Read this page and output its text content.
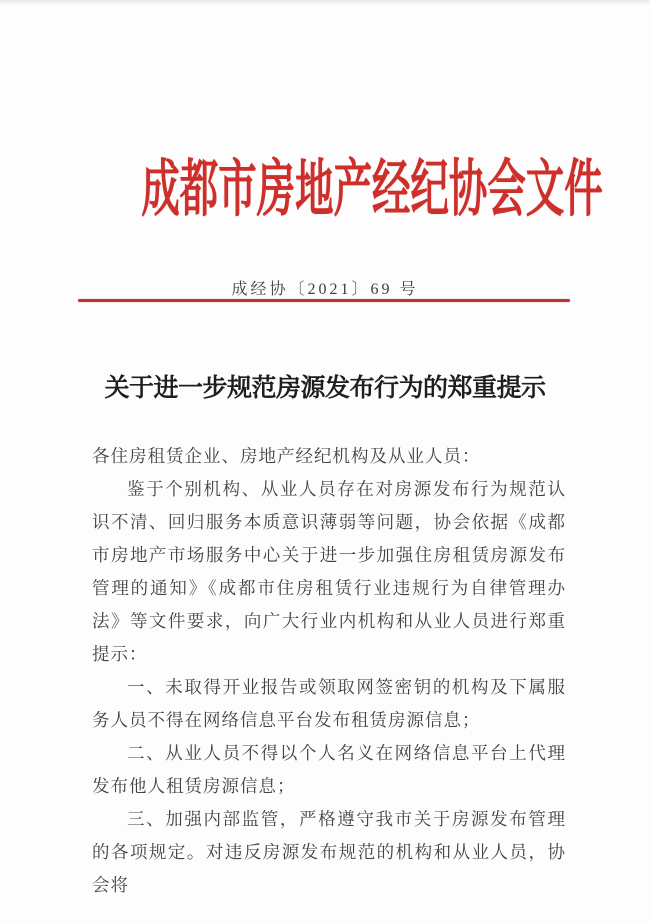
成都市房地产经纪协会文件
成经协〔2021〕69 号
关于进一步规范房源发布行为的郑重提示

各住房租赁企业、房地产经纪机构及从业人员：

鉴于个别机构、从业人员存在对房源发布行为规范认识不清、回归服务本质意识薄弱等问题，协会依据《成都市房地产市场服务中心关于进一步加强住房租赁房源发布管理的通知》《成都市住房租赁行业违规行为自律管理办法》等文件要求，向广大行业内机构和从业人员进行郑重提示：

一、未取得开业报告或领取网签密钥的机构及下属服务人员不得在网络信息平台发布租赁房源信息；

二、从业人员不得以个人名义在网络信息平台上代理发布他人租赁房源信息；

三、加强内部监管，严格遵守我市关于房源发布管理的各项规定。对违反房源发布规范的机构和从业人员，协会将
